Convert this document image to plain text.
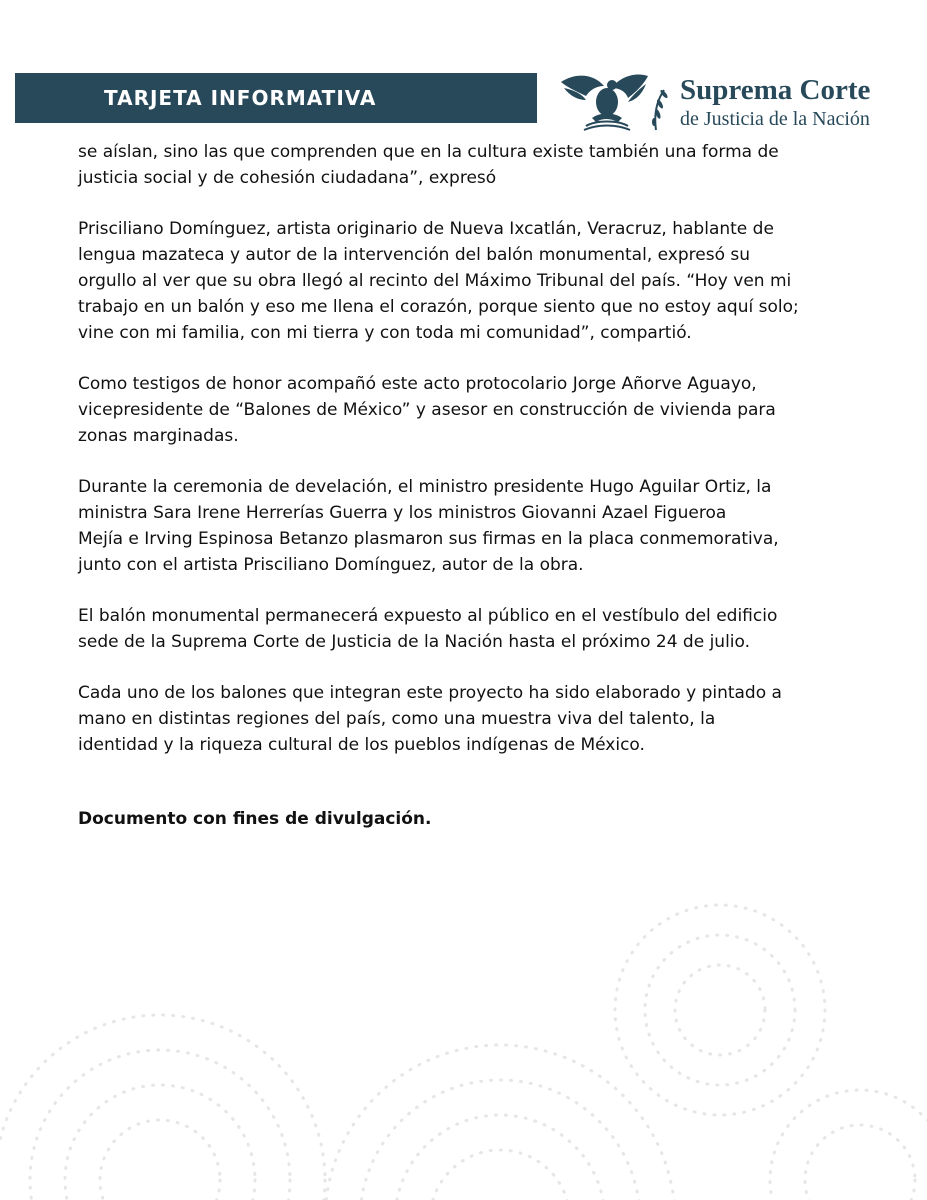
TARJETA INFORMATIVA	Suprema Corte
de Justicia de la Nación

se aíslan, sino las que comprenden que en la cultura existe también una forma de
justicia social y de cohesión ciudadana”, expresó

Prisciliano Domínguez, artista originario de Nueva Ixcatlán, Veracruz, hablante de
lengua mazateca y autor de la intervención del balón monumental, expresó su
orgullo al ver que su obra llegó al recinto del Máximo Tribunal del país. “Hoy ven mi
trabajo en un balón y eso me llena el corazón, porque siento que no estoy aquí solo;
vine con mi familia, con mi tierra y con toda mi comunidad”, compartió.

Como testigos de honor acompañó este acto protocolario Jorge Añorve Aguayo,
vicepresidente de “Balones de México” y asesor en construcción de vivienda para
zonas marginadas.

Durante la ceremonia de develación, el ministro presidente Hugo Aguilar Ortiz, la
ministra Sara Irene Herrerías Guerra y los ministros Giovanni Azael Figueroa
Mejía e Irving Espinosa Betanzo plasmaron sus firmas en la placa conmemorativa,
junto con el artista Prisciliano Domínguez, autor de la obra.

El balón monumental permanecerá expuesto al público en el vestíbulo del edificio
sede de la Suprema Corte de Justicia de la Nación hasta el próximo 24 de julio.

Cada uno de los balones que integran este proyecto ha sido elaborado y pintado a
mano en distintas regiones del país, como una muestra viva del talento, la
identidad y la riqueza cultural de los pueblos indígenas de México.

Documento con fines de divulgación.
